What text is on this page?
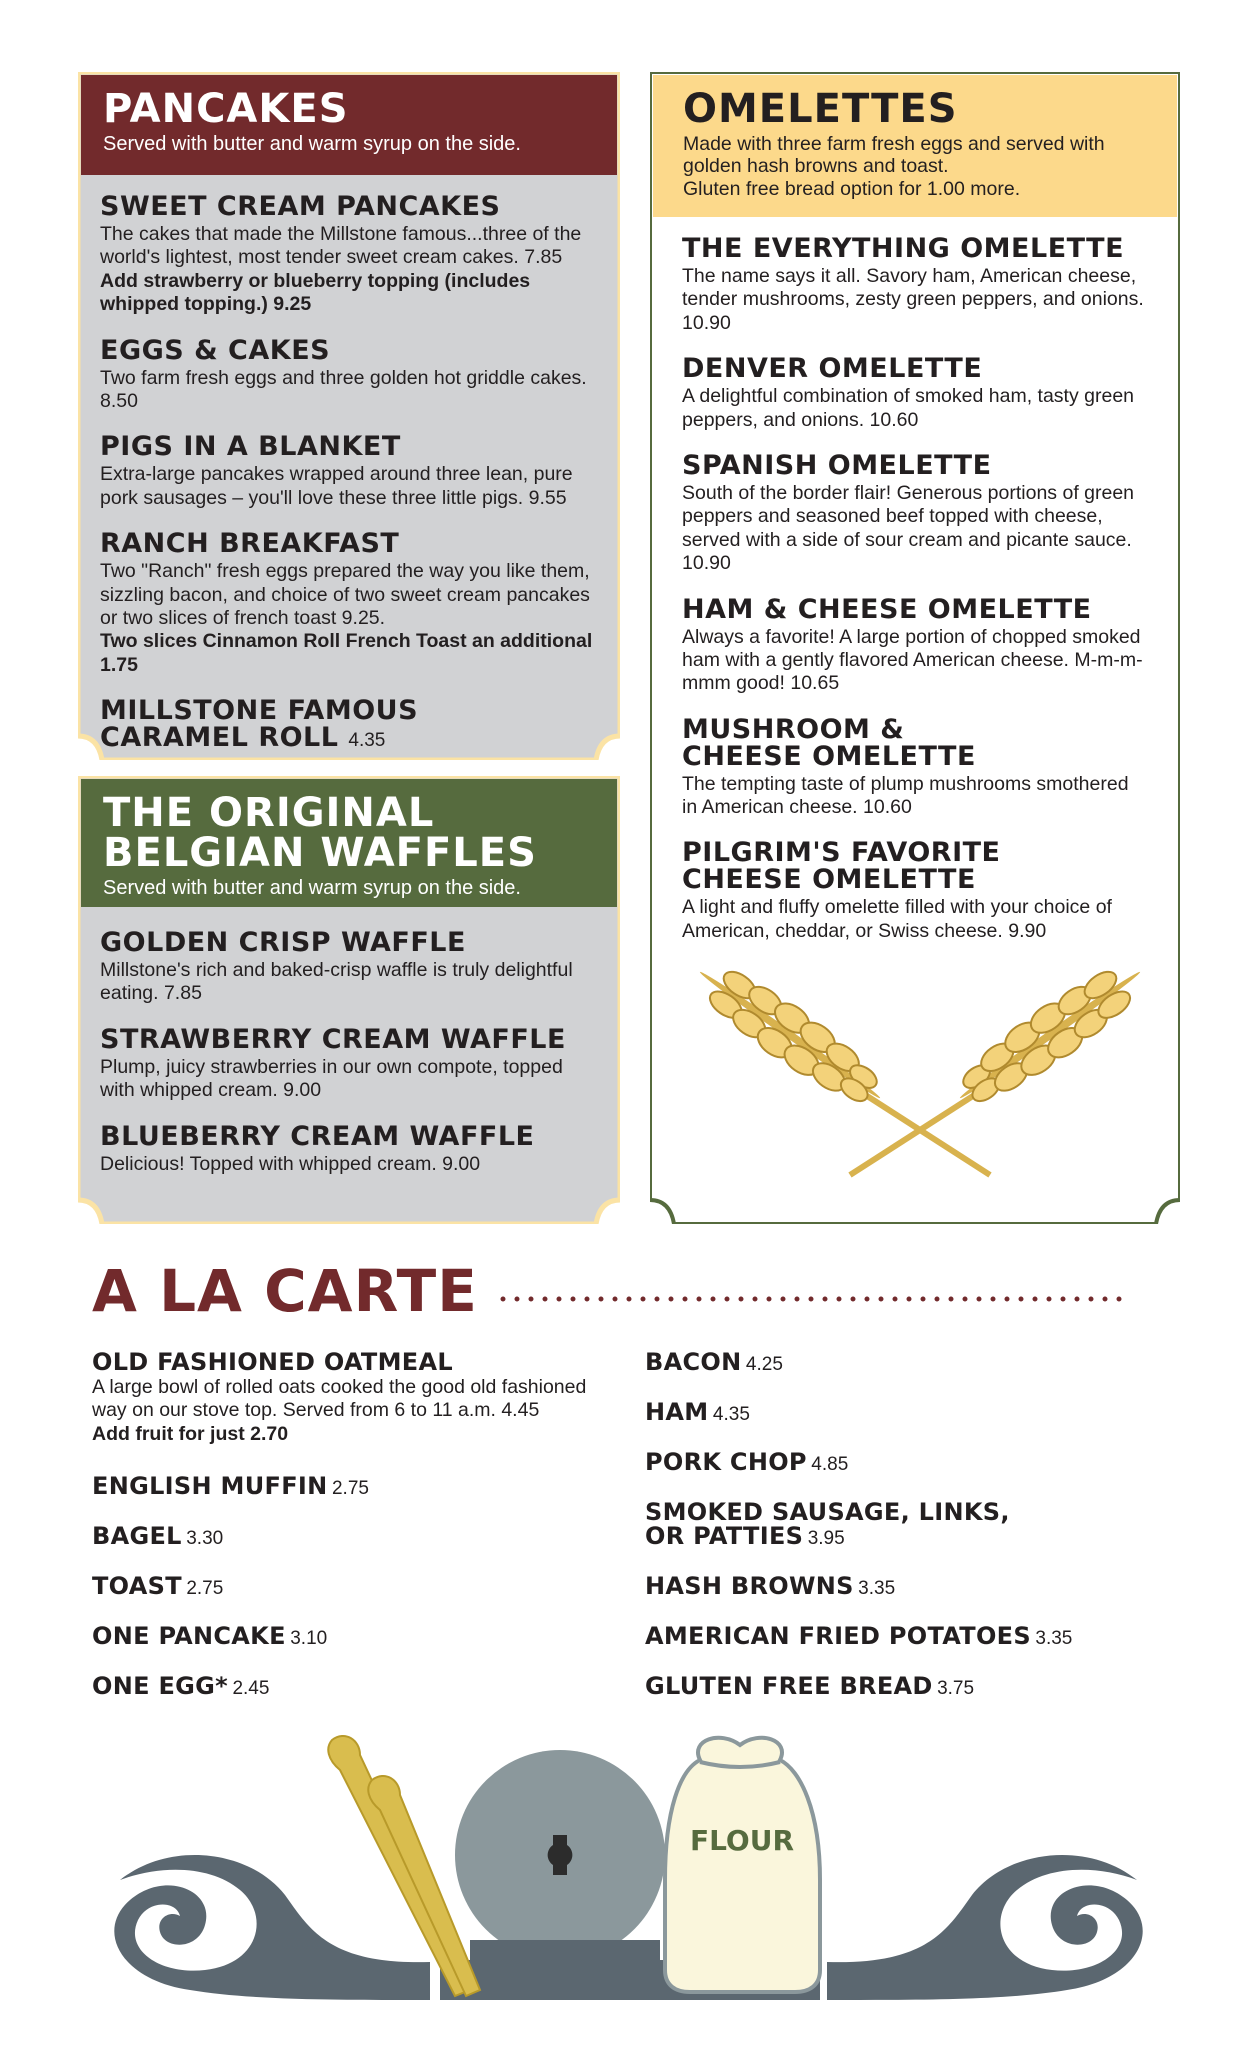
PANCAKES
Served with butter and warm syrup on the side.
SWEET CREAM PANCAKES
The cakes that made the Millstone famous...three of the world's lightest, most tender sweet cream cakes. 7.85
Add strawberry or blueberry topping (includes whipped topping.) 9.25
EGGS & CAKES
Two farm fresh eggs and three golden hot griddle cakes. 8.50
PIGS IN A BLANKET
Extra-large pancakes wrapped around three lean, pure pork sausages – you'll love these three little pigs. 9.55
RANCH BREAKFAST
Two "Ranch" fresh eggs prepared the way you like them, sizzling bacon, and choice of two sweet cream pancakes or two slices of french toast 9.25.
Two slices Cinnamon Roll French Toast an additional 1.75
MILLSTONE FAMOUS
CARAMEL ROLL 4.35
THE ORIGINAL
BELGIAN WAFFLES
Served with butter and warm syrup on the side.
GOLDEN CRISP WAFFLE
Millstone's rich and baked-crisp waffle is truly delightful eating. 7.85
STRAWBERRY CREAM WAFFLE
Plump, juicy strawberries in our own compote, topped with whipped cream. 9.00
BLUEBERRY CREAM WAFFLE
Delicious! Topped with whipped cream. 9.00
OMELETTES
Made with three farm fresh eggs and served with golden hash browns and toast.
Gluten free bread option for 1.00 more.
THE EVERYTHING OMELETTE
The name says it all. Savory ham, American cheese, tender mushrooms, zesty green peppers, and onions. 10.90
DENVER OMELETTE
A delightful combination of smoked ham, tasty green peppers, and onions. 10.60
SPANISH OMELETTE
South of the border flair! Generous portions of green peppers and seasoned beef topped with cheese, served with a side of sour cream and picante sauce. 10.90
HAM & CHEESE OMELETTE
Always a favorite! A large portion of chopped smoked ham with a gently flavored American cheese. M-m-m-mmm good! 10.65
MUSHROOM &
CHEESE OMELETTE
The tempting taste of plump mushrooms smothered in American cheese. 10.60
PILGRIM'S FAVORITE
CHEESE OMELETTE
A light and fluffy omelette filled with your choice of American, cheddar, or Swiss cheese. 9.90
A LA CARTE
OLD FASHIONED OATMEAL
A large bowl of rolled oats cooked the good old fashioned way on our stove top. Served from 6 to 11 a.m. 4.45
Add fruit for just 2.70
ENGLISH MUFFIN 2.75
BAGEL 3.30
TOAST 2.75
ONE PANCAKE 3.10
ONE EGG* 2.45
BACON 4.25
HAM 4.35
PORK CHOP 4.85
SMOKED SAUSAGE, LINKS,
OR PATTIES 3.95
HASH BROWNS 3.35
AMERICAN FRIED POTATOES 3.35
GLUTEN FREE BREAD 3.75
FLOUR
